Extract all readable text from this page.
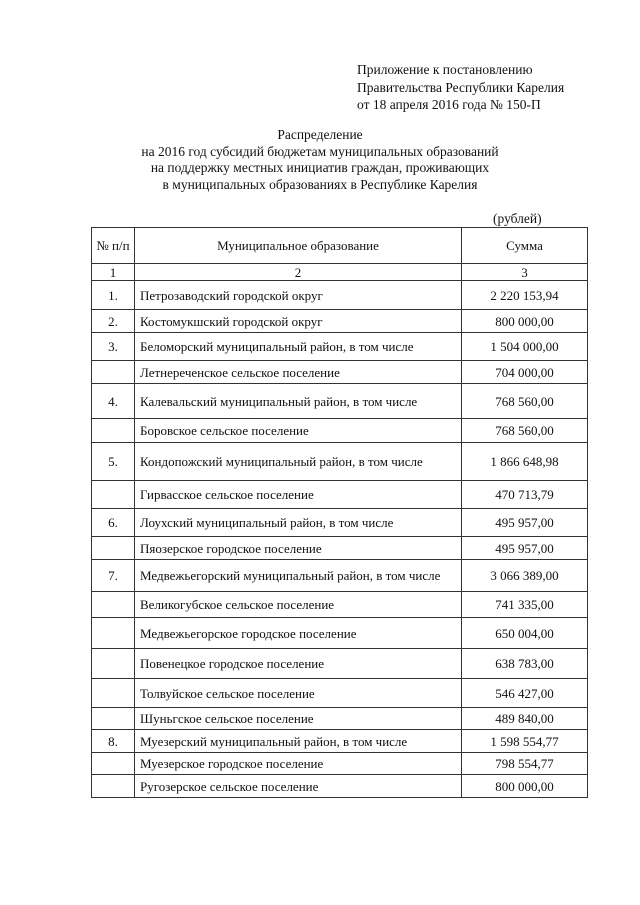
Приложение к постановлению
Правительства Республики Карелия
от 18 апреля 2016 года № 150-П
Распределение
на 2016 год субсидий бюджетам муниципальных образований
на поддержку местных инициатив граждан, проживающих
в муниципальных образованиях в Республике Карелия
(рублей)
№ п/п	Муниципальное образование	Сумма
1	2	3
1.	Петрозаводский городской округ	2 220 153,94
2.	Костомукшский городской округ	800 000,00
3.	Беломорский муниципальный район, в том числе	1 504 000,00
	Летнереченское сельское поселение	704 000,00
4.	Калевальский муниципальный район, в том числе	768 560,00
	Боровское сельское поселение	768 560,00
5.	Кондопожский муниципальный район, в том числе	1 866 648,98
	Гирвасское сельское поселение	470 713,79
6.	Лоухский муниципальный район, в том числе	495 957,00
	Пяозерское городское поселение	495 957,00
7.	Медвежьегорский муниципальный район, в том числе	3 066 389,00
	Великогубское сельское поселение	741 335,00
	Медвежьегорское городское поселение	650 004,00
	Повенецкое городское поселение	638 783,00
	Толвуйское сельское поселение	546 427,00
	Шуньгское сельское поселение	489 840,00
8.	Муезерский муниципальный район, в том числе	1 598 554,77
	Муезерское городское поселение	798 554,77
	Ругозерское сельское поселение	800 000,00
